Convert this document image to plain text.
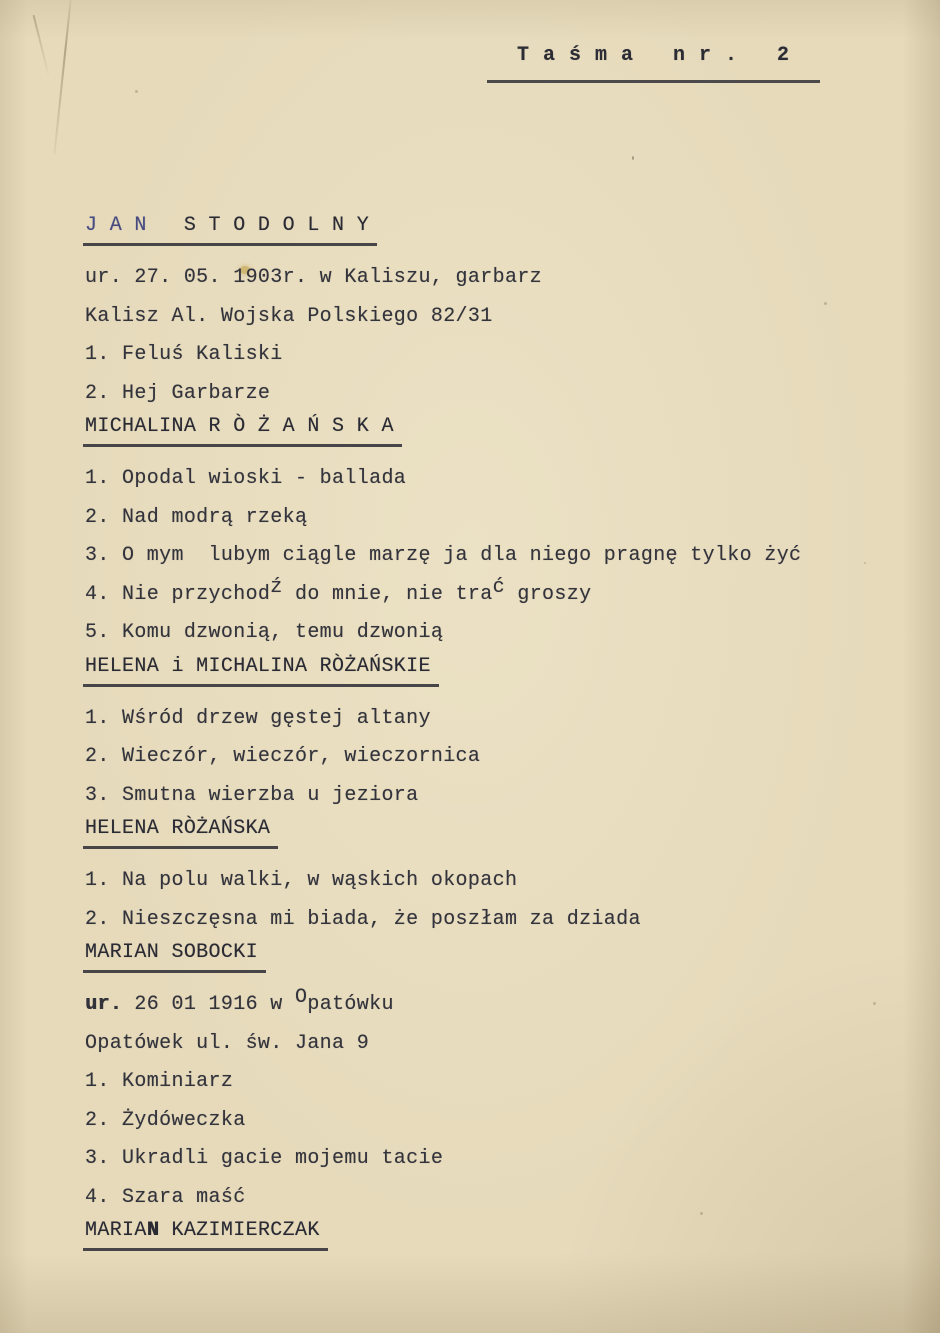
T a ś m a   n r .   2
J A N   S T O D O L N Y
ur. 27. 05. 1903r. w Kaliszu, garbarz
Kalisz Al. Wojska Polskiego 82/31
1. Feluś Kaliski
2. Hej Garbarze
MICHALINA R Ò Ż A Ń S K A
1. Opodal wioski - ballada
2. Nad modrą rzeką
3. O mym  lubym ciągle marzę ja dla niego pragnę tylko żyć
4. Nie przychodź do mnie, nie trać groszy
5. Komu dzwonią, temu dzwonią
HELENA i MICHALINA RÒŻAŃSKIE
1. Wśród drzew gęstej altany
2. Wieczór, wieczór, wieczornica
3. Smutna wierzba u jeziora
HELENA RÒŻAŃSKA
1. Na polu walki, w wąskich okopach
2. Nieszczęsna mi biada, że poszłam za dziada
MARIAN SOBOCKI
ur. 26 01 1916 w Opatówku
Opatówek ul. św. Jana 9
1. Kominiarz
2. Żydóweczka
3. Ukradli gacie mojemu tacie
4. Szara maść
MARIAN KAZIMIERCZAK
